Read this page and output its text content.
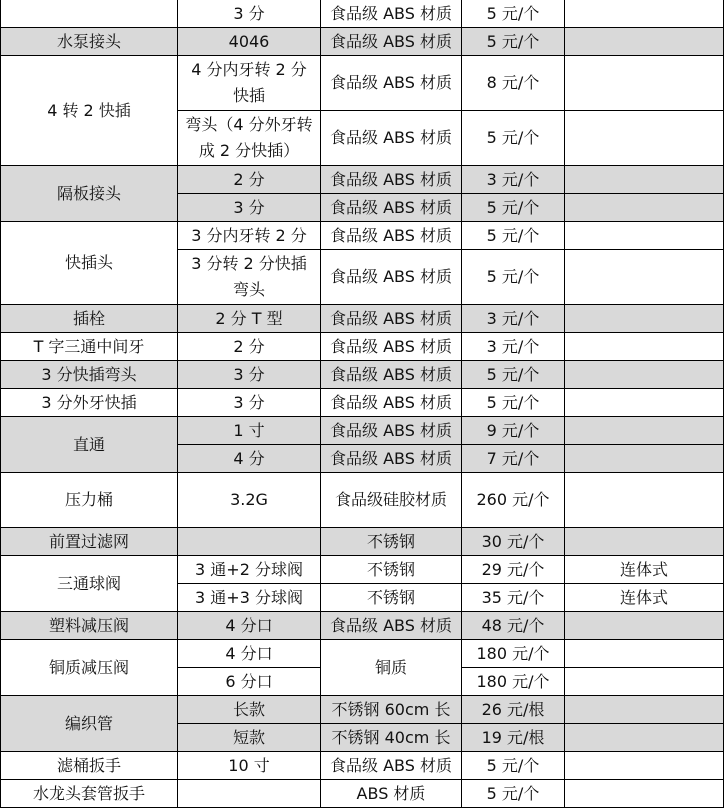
	3 分	食品级 ABS 材质	5 元/个	
水泵接头	4046	食品级 ABS 材质	5 元/个	
4 转 2 快插	4 分内牙转 2 分快插	食品级 ABS 材质	8 元/个	
	弯头（4 分外牙转成 2 分快插）	食品级 ABS 材质	5 元/个	
隔板接头	2 分	食品级 ABS 材质	3 元/个	
	3 分	食品级 ABS 材质	5 元/个	
快插头	3 分内牙转 2 分	食品级 ABS 材质	5 元/个	
	3 分转 2 分快插弯头	食品级 ABS 材质	5 元/个	
插栓	2 分 T 型	食品级 ABS 材质	3 元/个	
T 字三通中间牙	2 分	食品级 ABS 材质	3 元/个	
3 分快插弯头	3 分	食品级 ABS 材质	5 元/个	
3 分外牙快插	3 分	食品级 ABS 材质	5 元/个	
直通	1 寸	食品级 ABS 材质	9 元/个	
	4 分	食品级 ABS 材质	7 元/个	
压力桶	3.2G	食品级硅胶材质	260 元/个	
前置过滤网		不锈钢	30 元/个	
三通球阀	3 通+2 分球阀	不锈钢	29 元/个	连体式
	3 通+3 分球阀	不锈钢	35 元/个	连体式
塑料减压阀	4 分口	食品级 ABS 材质	48 元/个	
铜质减压阀	4 分口	铜质	180 元/个	
	6 分口		180 元/个	
编织管	长款	不锈钢 60cm 长	26 元/根	
	短款	不锈钢 40cm 长	19 元/根	
滤桶扳手	10 寸	食品级 ABS 材质	5 元/个	
水龙头套管扳手		ABS 材质	5 元/个	
